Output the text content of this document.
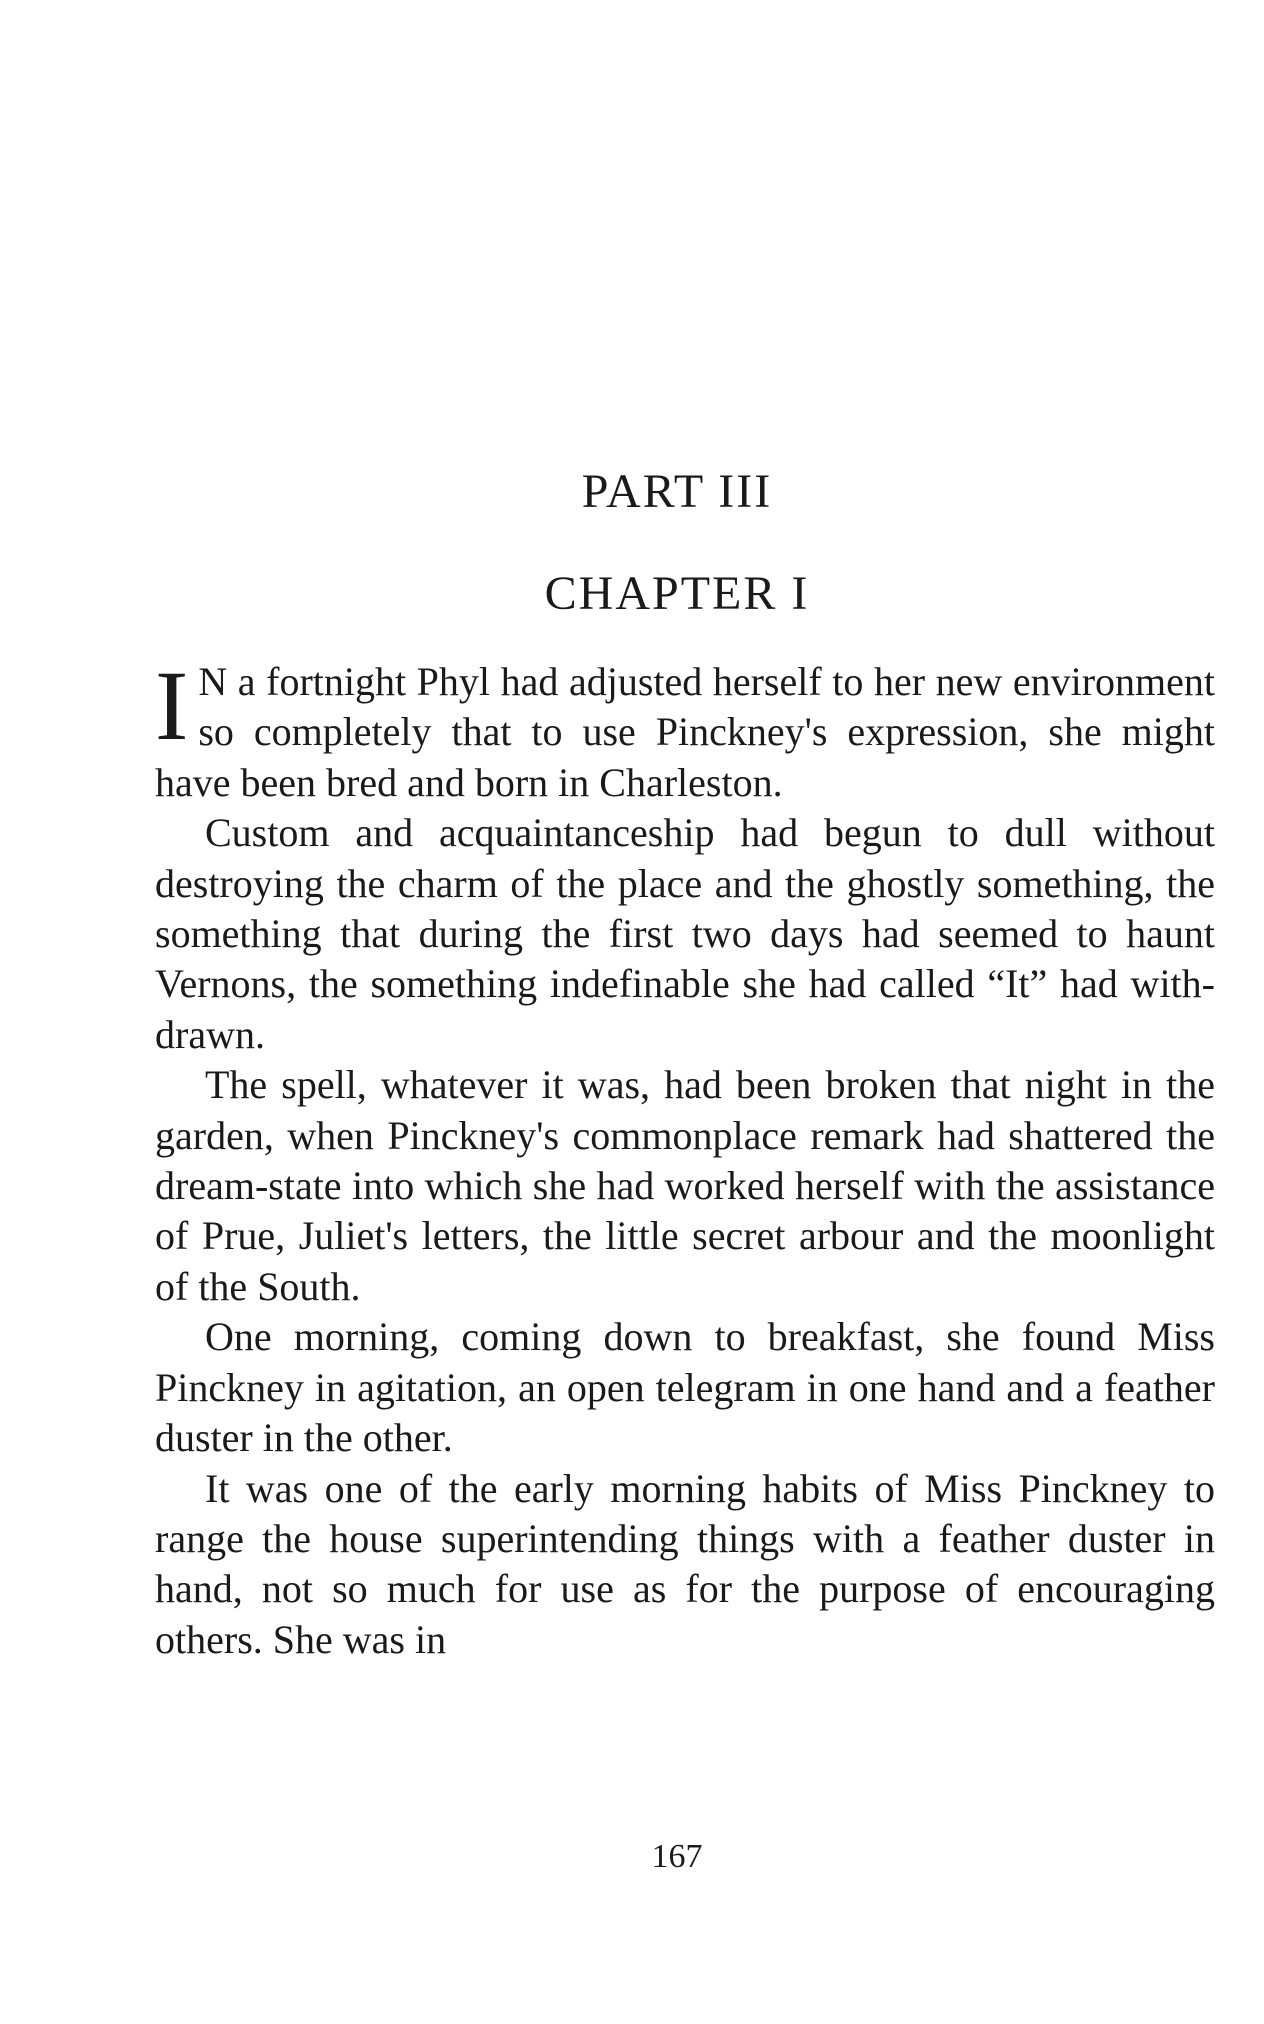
PART III
CHAPTER I

I N a fortnight Phyl had adjusted herself to her new environment so completely that to use Pinckney's expression, she might have been bred and born in Charleston.

Custom and acquaintanceship had begun to dull without destroying the charm of the place and the ghostly something, the something that during the first two days had seemed to haunt Vernons, the something indefinable she had called “It” had withdrawn.

The spell, whatever it was, had been broken that night in the garden, when Pinckney's commonplace remark had shattered the dream-state into which she had worked herself with the assistance of Prue, Juliet's letters, the little secret arbour and the moonlight of the South.

One morning, coming down to breakfast, she found Miss Pinckney in agitation, an open telegram in one hand and a feather duster in the other.

It was one of the early morning habits of Miss Pinckney to range the house superintending things with a feather duster in hand, not so much for use as for the purpose of encouraging others. She was in

167
